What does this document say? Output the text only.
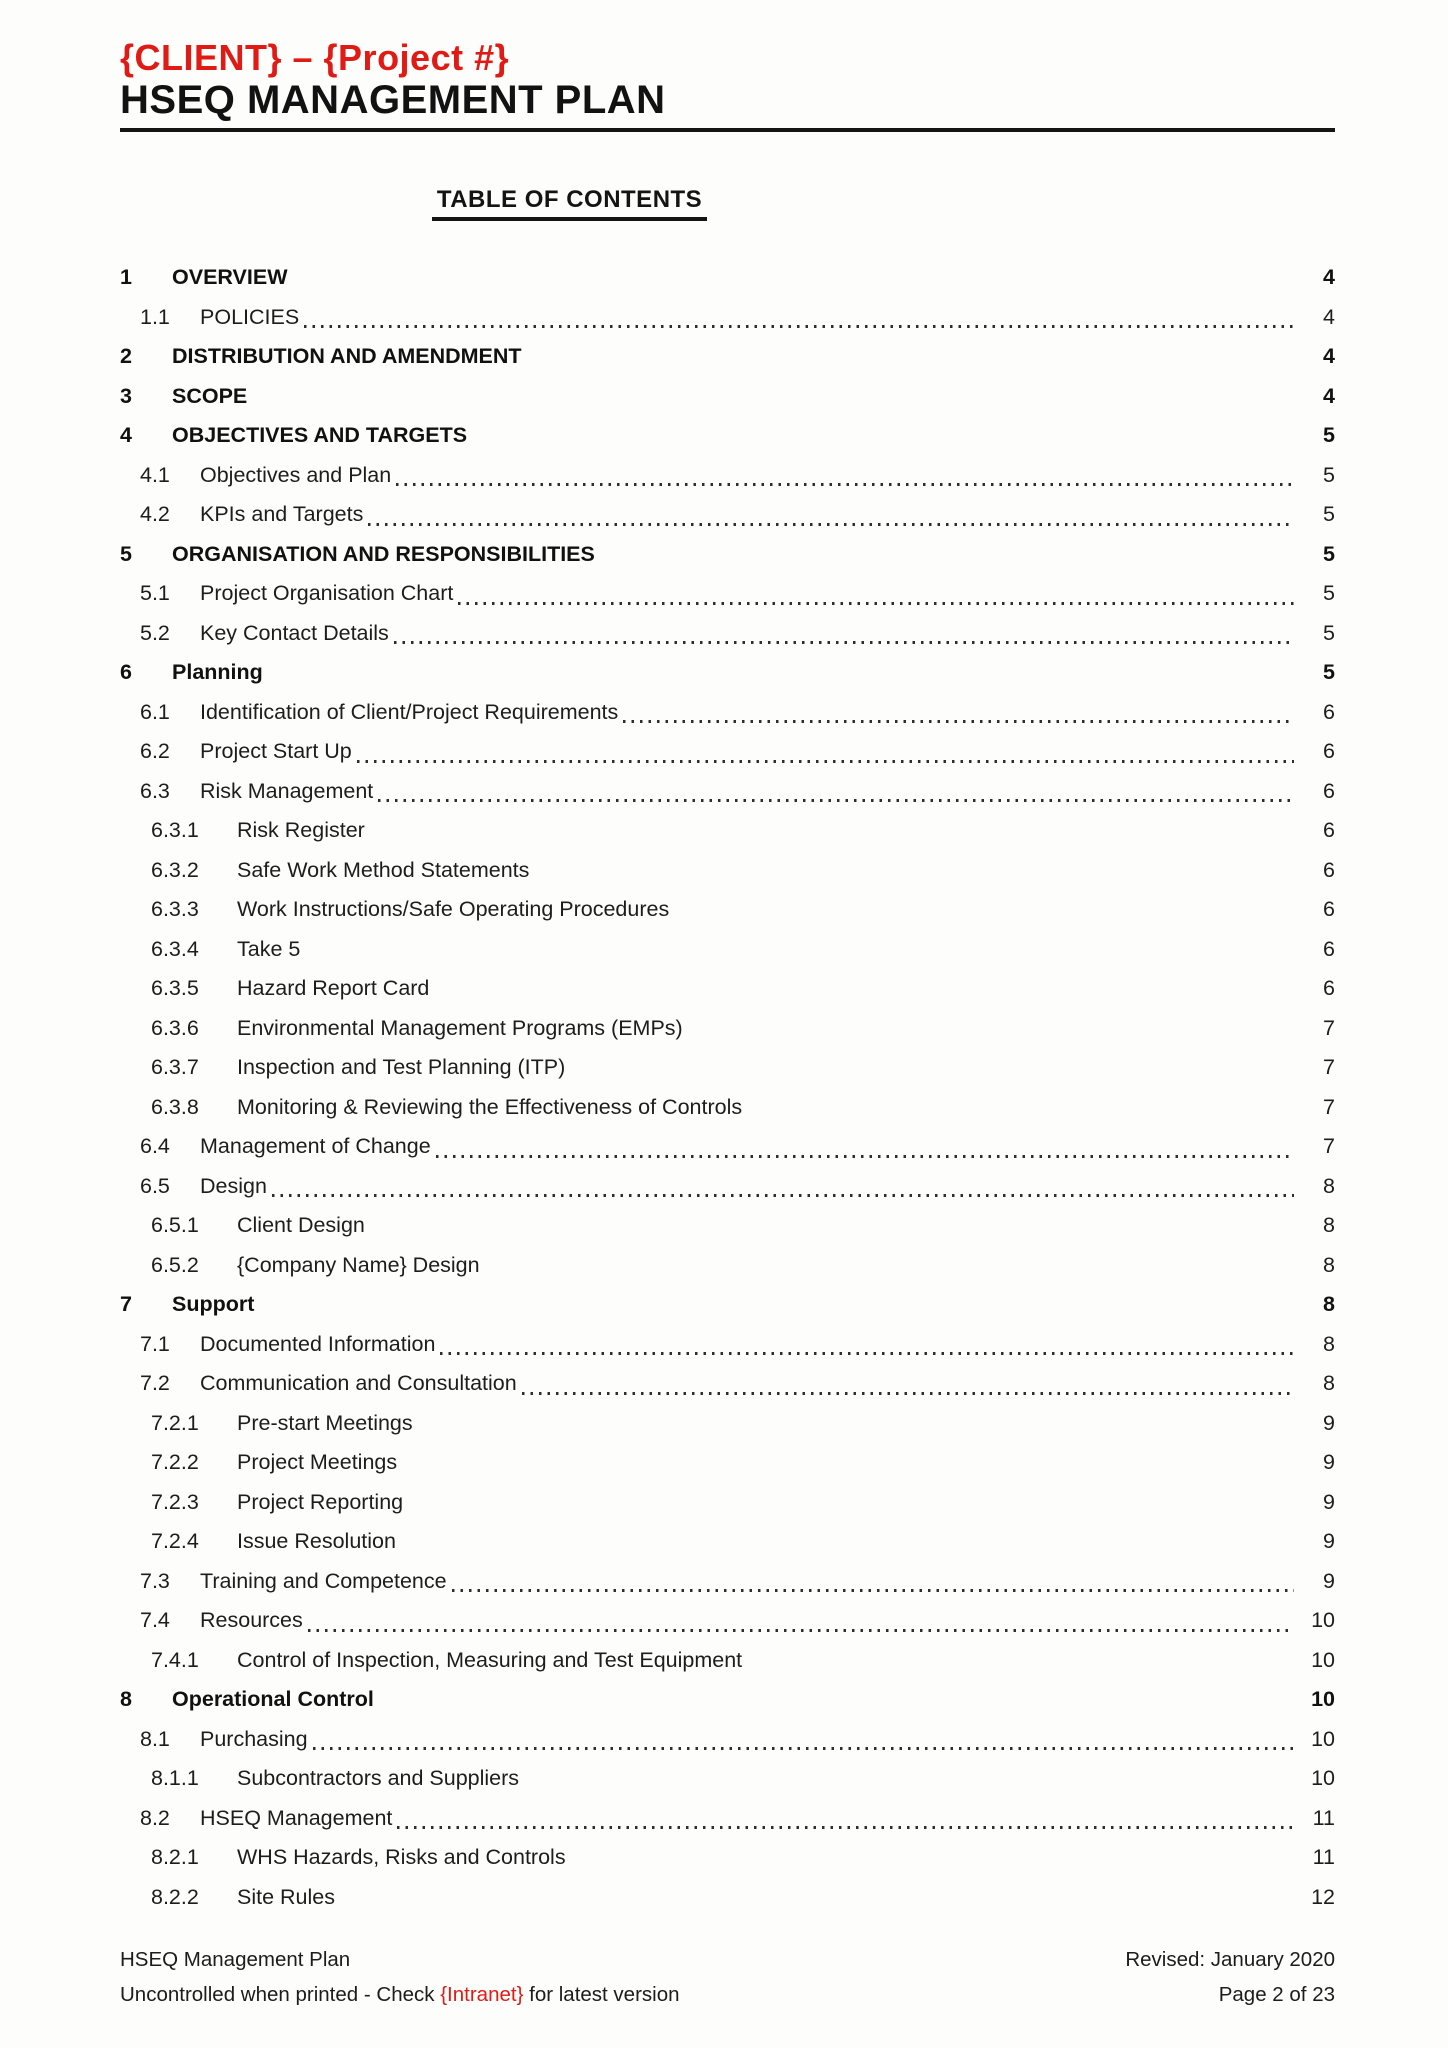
{CLIENT} – {Project #}
HSEQ MANAGEMENT PLAN
TABLE OF CONTENTS
1	OVERVIEW	4
1.1	POLICIES	4
2	DISTRIBUTION AND AMENDMENT	4
3	SCOPE	4
4	OBJECTIVES AND TARGETS	5
4.1	Objectives and Plan	5
4.2	KPIs and Targets	5
5	ORGANISATION AND RESPONSIBILITIES	5
5.1	Project Organisation Chart	5
5.2	Key Contact Details	5
6	Planning	5
6.1	Identification of Client/Project Requirements	6
6.2	Project Start Up	6
6.3	Risk Management	6
6.3.1	Risk Register	6
6.3.2	Safe Work Method Statements	6
6.3.3	Work Instructions/Safe Operating Procedures	6
6.3.4	Take 5	6
6.3.5	Hazard Report Card	6
6.3.6	Environmental Management Programs (EMPs)	7
6.3.7	Inspection and Test Planning (ITP)	7
6.3.8	Monitoring & Reviewing the Effectiveness of Controls	7
6.4	Management of Change	7
6.5	Design	8
6.5.1	Client Design	8
6.5.2	{Company Name} Design	8
7	Support	8
7.1	Documented Information	8
7.2	Communication and Consultation	8
7.2.1	Pre-start Meetings	9
7.2.2	Project Meetings	9
7.2.3	Project Reporting	9
7.2.4	Issue Resolution	9
7.3	Training and Competence	9
7.4	Resources	10
7.4.1	Control of Inspection, Measuring and Test Equipment	10
8	Operational Control	10
8.1	Purchasing	10
8.1.1	Subcontractors and Suppliers	10
8.2	HSEQ Management	11
8.2.1	WHS Hazards, Risks and Controls	11
8.2.2	Site Rules	12
HSEQ Management Plan
Uncontrolled when printed - Check {Intranet} for latest version
Revised: January 2020
Page 2 of 23
